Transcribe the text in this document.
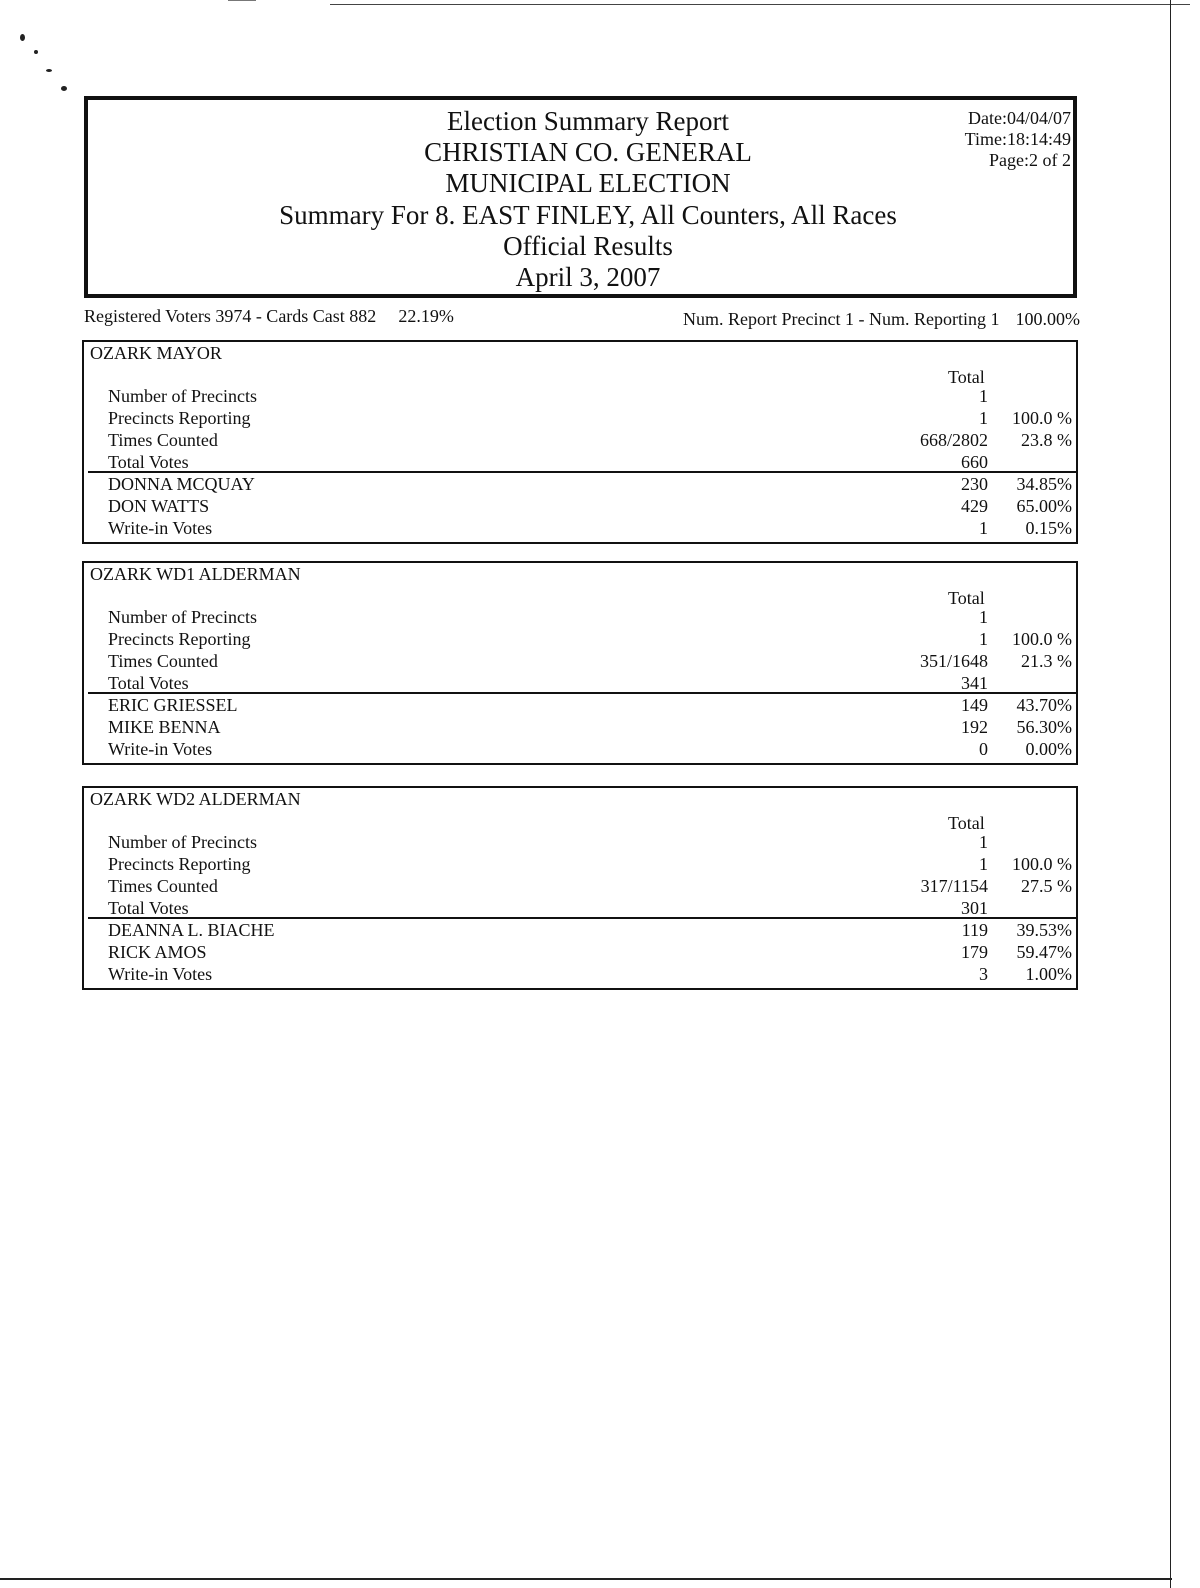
Election Summary Report
CHRISTIAN CO. GENERAL
MUNICIPAL ELECTION
Summary For 8. EAST FINLEY, All Counters, All Races
Official Results
April 3, 2007
Date:04/04/07
Time:18:14:49
Page:2 of 2
Registered Voters 3974 - Cards Cast 882 22.19%	Num. Report Precinct 1 - Num. Reporting 1 100.00%
OZARK MAYOR
Total
Number of Precincts	1
Precincts Reporting	1 100.0 %
Times Counted	668/2802 23.8 %
Total Votes	660
DONNA MCQUAY	230 34.85%
DON WATTS	429 65.00%
Write-in Votes	1 0.15%
OZARK WD1 ALDERMAN
Total
Number of Precincts	1
Precincts Reporting	1 100.0 %
Times Counted	351/1648 21.3 %
Total Votes	341
ERIC GRIESSEL	149 43.70%
MIKE BENNA	192 56.30%
Write-in Votes	0 0.00%
OZARK WD2 ALDERMAN
Total
Number of Precincts	1
Precincts Reporting	1 100.0 %
Times Counted	317/1154 27.5 %
Total Votes	301
DEANNA L. BIACHE	119 39.53%
RICK AMOS	179 59.47%
Write-in Votes	3 1.00%
